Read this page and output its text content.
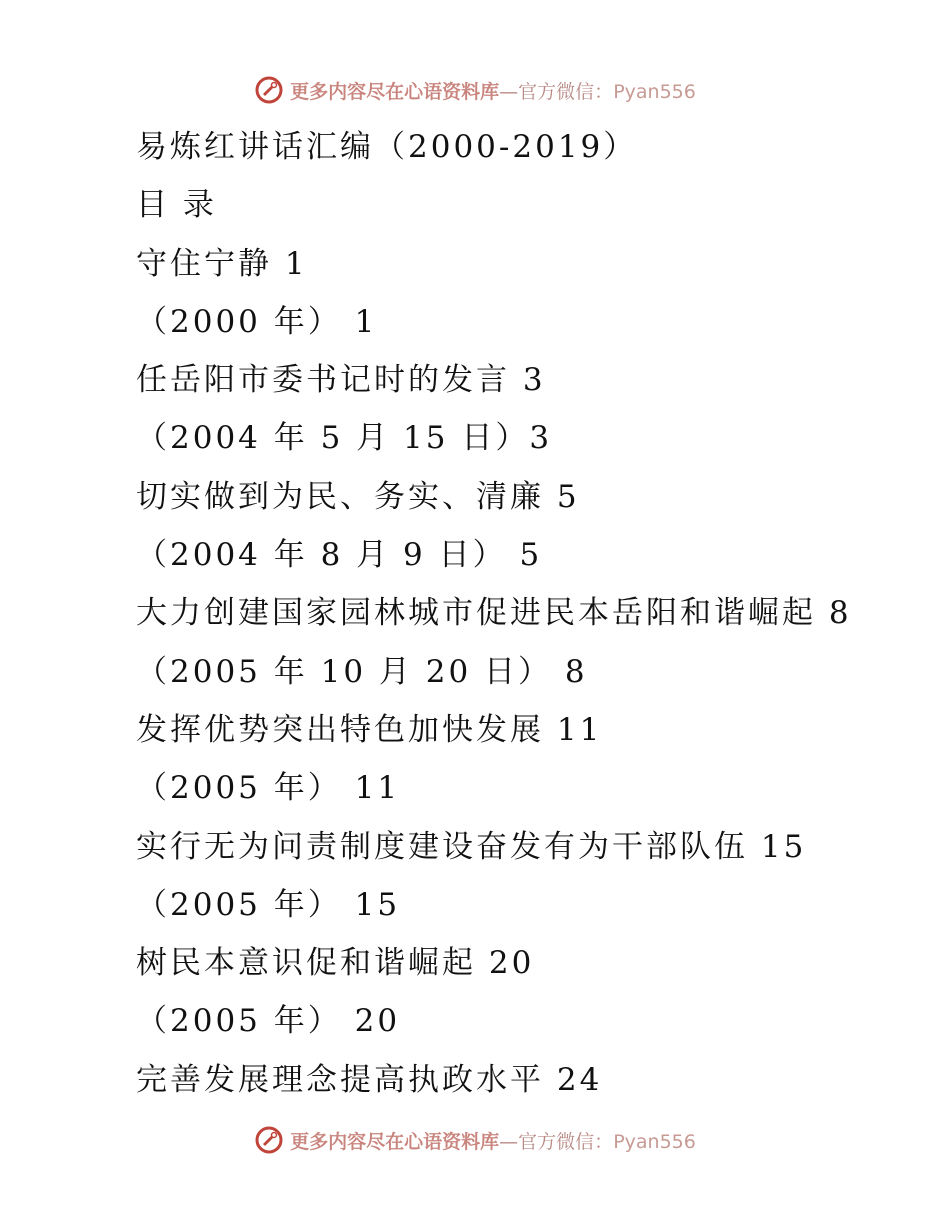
更多内容尽在心语资料库—官方微信：Pyan556
易炼红讲话汇编（2000-2019）
目 录
守住宁静 1
（2000 年） 1
任岳阳市委书记时的发言 3
（2004 年 5 月 15 日）3
切实做到为民、务实、清廉 5
（2004 年 8 月 9 日） 5
大力创建国家园林城市促进民本岳阳和谐崛起 8
（2005 年 10 月 20 日） 8
发挥优势突出特色加快发展 11
（2005 年） 11
实行无为问责制度建设奋发有为干部队伍 15
（2005 年） 15
树民本意识促和谐崛起 20
（2005 年） 20
完善发展理念提高执政水平 24
更多内容尽在心语资料库—官方微信：Pyan556
